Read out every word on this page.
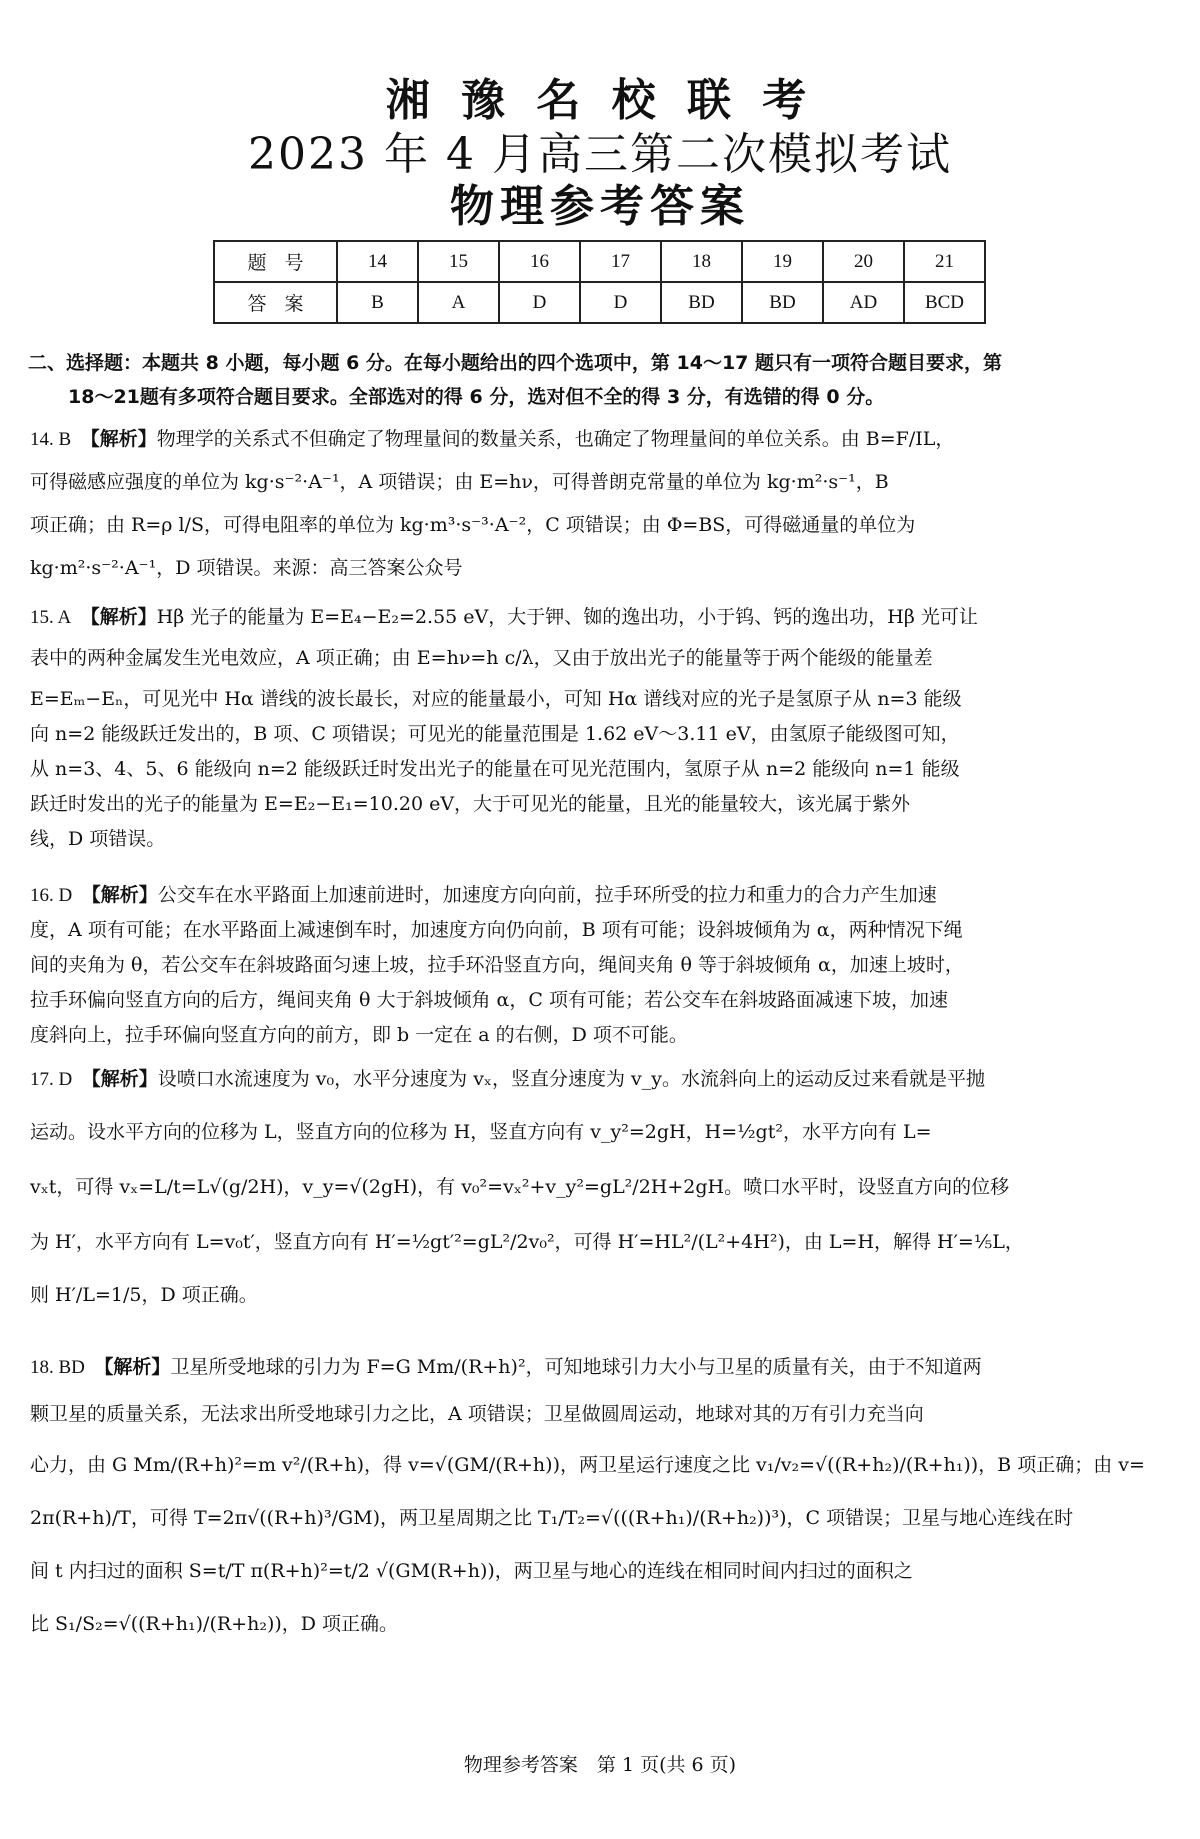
湘 豫 名 校 联 考
2023 年 4 月高三第二次模拟考试
物理参考答案
题号	14	15	16	17	18	19	20	21
答案	B	A	D	D	BD	BD	AD	BCD
二、选择题：本题共 8 小题，每小题 6 分。在每小题给出的四个选项中，第 14～17 题只有一项符合题目要求，第
18～21题有多项符合题目要求。全部选对的得 6 分，选对但不全的得 3 分，有选错的得 0 分。
14. B　 【解析】物理学的关系式不但确定了物理量间的数量关系，也确定了物理量间的单位关系。由 B=F/IL，
可得磁感应强度的单位为 kg·s⁻²·A⁻¹，A 项错误；由 E=hν，可得普朗克常量的单位为 kg·m²·s⁻¹，B
项正确；由 R=ρ l/S，可得电阻率的单位为 kg·m³·s⁻³·A⁻²，C 项错误；由 Φ=BS，可得磁通量的单位为
kg·m²·s⁻²·A⁻¹，D 项错误。来源：高三答案公众号
15. A　 【解析】Hβ 光子的能量为 E=E₄−E₂=2.55 eV，大于钾、铷的逸出功，小于钨、钙的逸出功，Hβ 光可让
表中的两种金属发生光电效应，A 项正确；由 E=hν=h c/λ，又由于放出光子的能量等于两个能级的能量差
E=Eₘ−Eₙ，可见光中 Hα 谱线的波长最长，对应的能量最小，可知 Hα 谱线对应的光子是氢原子从 n=3 能级
向 n=2 能级跃迁发出的，B 项、C 项错误；可见光的能量范围是 1.62 eV～3.11 eV，由氢原子能级图可知，
从 n=3、4、5、6 能级向 n=2 能级跃迁时发出光子的能量在可见光范围内，氢原子从 n=2 能级向 n=1 能级
跃迁时发出的光子的能量为 E=E₂−E₁=10.20 eV，大于可见光的能量，且光的能量较大，该光属于紫外
线，D 项错误。
16. D　 【解析】公交车在水平路面上加速前进时，加速度方向向前，拉手环所受的拉力和重力的合力产生加速
度，A 项有可能；在水平路面上减速倒车时，加速度方向仍向前，B 项有可能；设斜坡倾角为 α，两种情况下绳
间的夹角为 θ，若公交车在斜坡路面匀速上坡，拉手环沿竖直方向，绳间夹角 θ 等于斜坡倾角 α，加速上坡时，
拉手环偏向竖直方向的后方，绳间夹角 θ 大于斜坡倾角 α，C 项有可能；若公交车在斜坡路面减速下坡，加速
度斜向上，拉手环偏向竖直方向的前方，即 b 一定在 a 的右侧，D 项不可能。
17. D　 【解析】设喷口水流速度为 v₀，水平分速度为 vₓ，竖直分速度为 v_y。水流斜向上的运动反过来看就是平抛
运动。设水平方向的位移为 L，竖直方向的位移为 H，竖直方向有 v_y²=2gH，H=½gt²，水平方向有 L=
vₓt，可得 vₓ=L/t=L√(g/2H)，v_y=√(2gH)，有 v₀²=vₓ²+v_y²=gL²/2H+2gH。喷口水平时，设竖直方向的位移
为 H′，水平方向有 L=v₀t′，竖直方向有 H′=½gt′²=gL²/2v₀²，可得 H′=HL²/(L²+4H²)，由 L=H，解得 H′=⅕L，
则 H′/L=1/5，D 项正确。
18. BD　 【解析】卫星所受地球的引力为 F=G Mm/(R+h)²，可知地球引力大小与卫星的质量有关，由于不知道两
颗卫星的质量关系，无法求出所受地球引力之比，A 项错误；卫星做圆周运动，地球对其的万有引力充当向
心力，由 G Mm/(R+h)²=m v²/(R+h)，得 v=√(GM/(R+h))，两卫星运行速度之比 v₁/v₂=√((R+h₂)/(R+h₁))，B 项正确；由 v=
2π(R+h)/T，可得 T=2π√((R+h)³/GM)，两卫星周期之比 T₁/T₂=√(((R+h₁)/(R+h₂))³)，C 项错误；卫星与地心连线在时
间 t 内扫过的面积 S=t/T π(R+h)²=t/2 √(GM(R+h))，两卫星与地心的连线在相同时间内扫过的面积之
比 S₁/S₂=√((R+h₁)/(R+h₂))，D 项正确。
物理参考答案　第 1 页(共 6 页)
